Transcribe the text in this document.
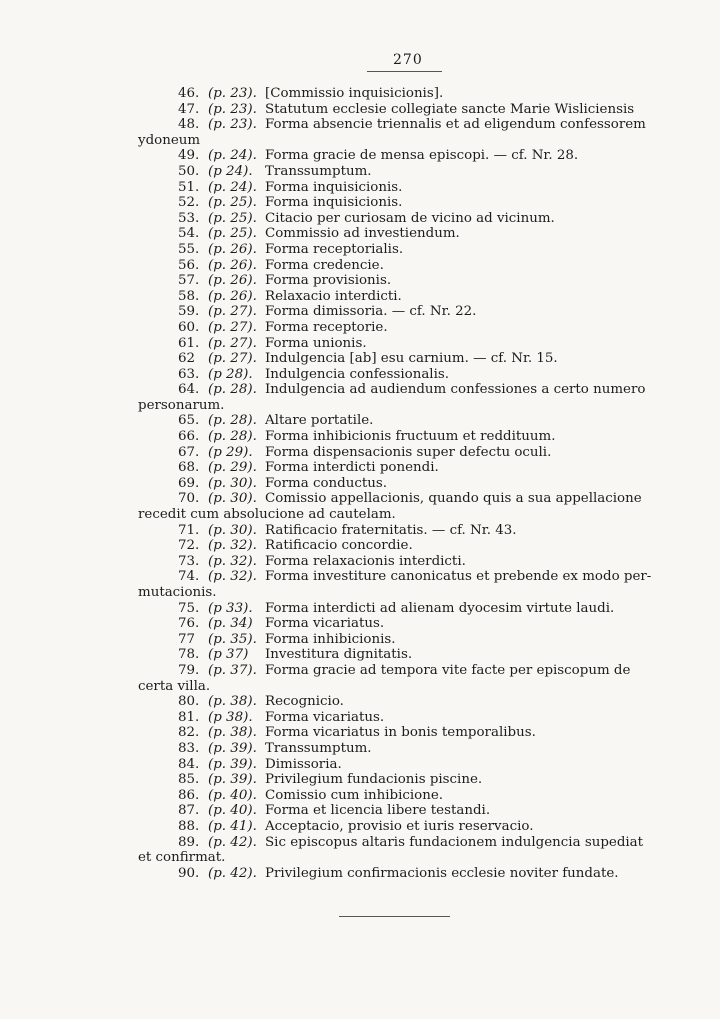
270
46. (p. 23). [Commissio inquisicionis].
47. (p. 23). Statutum ecclesie collegiate sancte Marie Wisliciensis
48. (p. 23). Forma absencie triennalis et ad eligendum confessorem
ydoneum
49. (p. 24). Forma gracie de mensa episcopi. — cf. Nr. 28.
50. (p 24). Transsumptum.
51. (p. 24). Forma inquisicionis.
52. (p. 25). Forma inquisicionis.
53. (p. 25). Citacio per curiosam de vicino ad vicinum.
54. (p. 25). Commissio ad investiendum.
55. (p. 26). Forma receptorialis.
56. (p. 26). Forma credencie.
57. (p. 26). Forma provisionis.
58. (p. 26). Relaxacio interdicti.
59. (p. 27). Forma dimissoria. — cf. Nr. 22.
60. (p. 27). Forma receptorie.
61. (p. 27). Forma unionis.
62 (p. 27). Indulgencia [ab] esu carnium. — cf. Nr. 15.
63. (p 28). Indulgencia confessionalis.
64. (p. 28). Indulgencia ad audiendum confessiones a certo numero
personarum.
65. (p. 28). Altare portatile.
66. (p. 28). Forma inhibicionis fructuum et reddituum.
67. (p 29). Forma dispensacionis super defectu oculi.
68. (p. 29). Forma interdicti ponendi.
69. (p. 30). Forma conductus.
70. (p. 30). Comissio appellacionis, quando quis a sua appellacione
recedit cum absolucione ad cautelam.
71. (p. 30). Ratificacio fraternitatis. — cf. Nr. 43.
72. (p. 32). Ratificacio concordie.
73. (p. 32). Forma relaxacionis interdicti.
74. (p. 32). Forma investiture canonicatus et prebende ex modo per-
mutacionis.
75. (p 33). Forma interdicti ad alienam dyocesim virtute laudi.
76. (p. 34) Forma vicariatus.
77 (p. 35). Forma inhibicionis.
78. (p 37) Investitura dignitatis.
79. (p. 37). Forma gracie ad tempora vite facte per episcopum de
certa villa.
80. (p. 38). Recognicio.
81. (p 38). Forma vicariatus.
82. (p. 38). Forma vicariatus in bonis temporalibus.
83. (p. 39). Transsumptum.
84. (p. 39). Dimissoria.
85. (p. 39). Privilegium fundacionis piscine.
86. (p. 40). Comissio cum inhibicione.
87. (p. 40). Forma et licencia libere testandi.
88. (p. 41). Acceptacio, provisio et iuris reservacio.
89. (p. 42). Sic episcopus altaris fundacionem indulgencia supediat
et confirmat.
90. (p. 42). Privilegium confirmacionis ecclesie noviter fundate.
